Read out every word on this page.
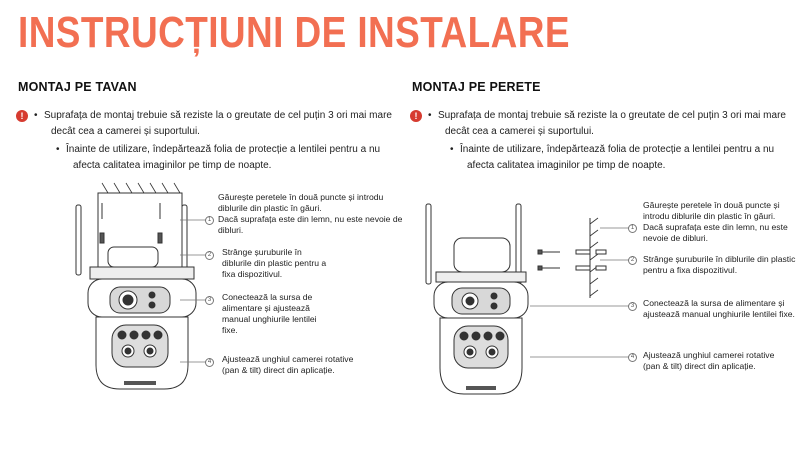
INSTRUCȚIUNI DE INSTALARE
MONTAJ PE TAVAN
!	• Suprafața de montaj trebuie să reziste la o greutate de cel puțin 3 ori mai mare

decât cea a camerei și suportului.
• Înainte de utilizare, îndepărtează folia de protecție a lentilei pentru a nu

afecta calitatea imaginilor pe timp de noapte.
MONTAJ PE PERETE
!	• Suprafața de montaj trebuie să reziste la o greutate de cel puțin 3 ori mai mare

decât cea a camerei și suportului.
• Înainte de utilizare, îndepărtează folia de protecție a lentilei pentru a nu

afecta calitatea imaginilor pe timp de noapte.
1
2
3
4
Găurește peretele în două puncte și introdu
diblurile din plastic în găuri.
Dacă suprafața este din lemn, nu este nevoie de
dibluri.
Strânge șuruburile în
diblurile din plastic pentru a
fixa dispozitivul.
Conectează la sursa de
alimentare și ajustează
manual unghiurile lentilei
fixe.
Ajustează unghiul camerei rotative
(pan & tilt) direct din aplicație.
1
2
3
4
Găurește peretele în două puncte și
introdu diblurile din plastic în găuri.
Dacă suprafața este din lemn, nu este
nevoie de dibluri.
Strânge șuruburile în diblurile din plastic
pentru a fixa dispozitivul.
Conectează la sursa de alimentare și
ajustează manual unghiurile lentilei fixe.
Ajustează unghiul camerei rotative
(pan & tilt) direct din aplicație.
